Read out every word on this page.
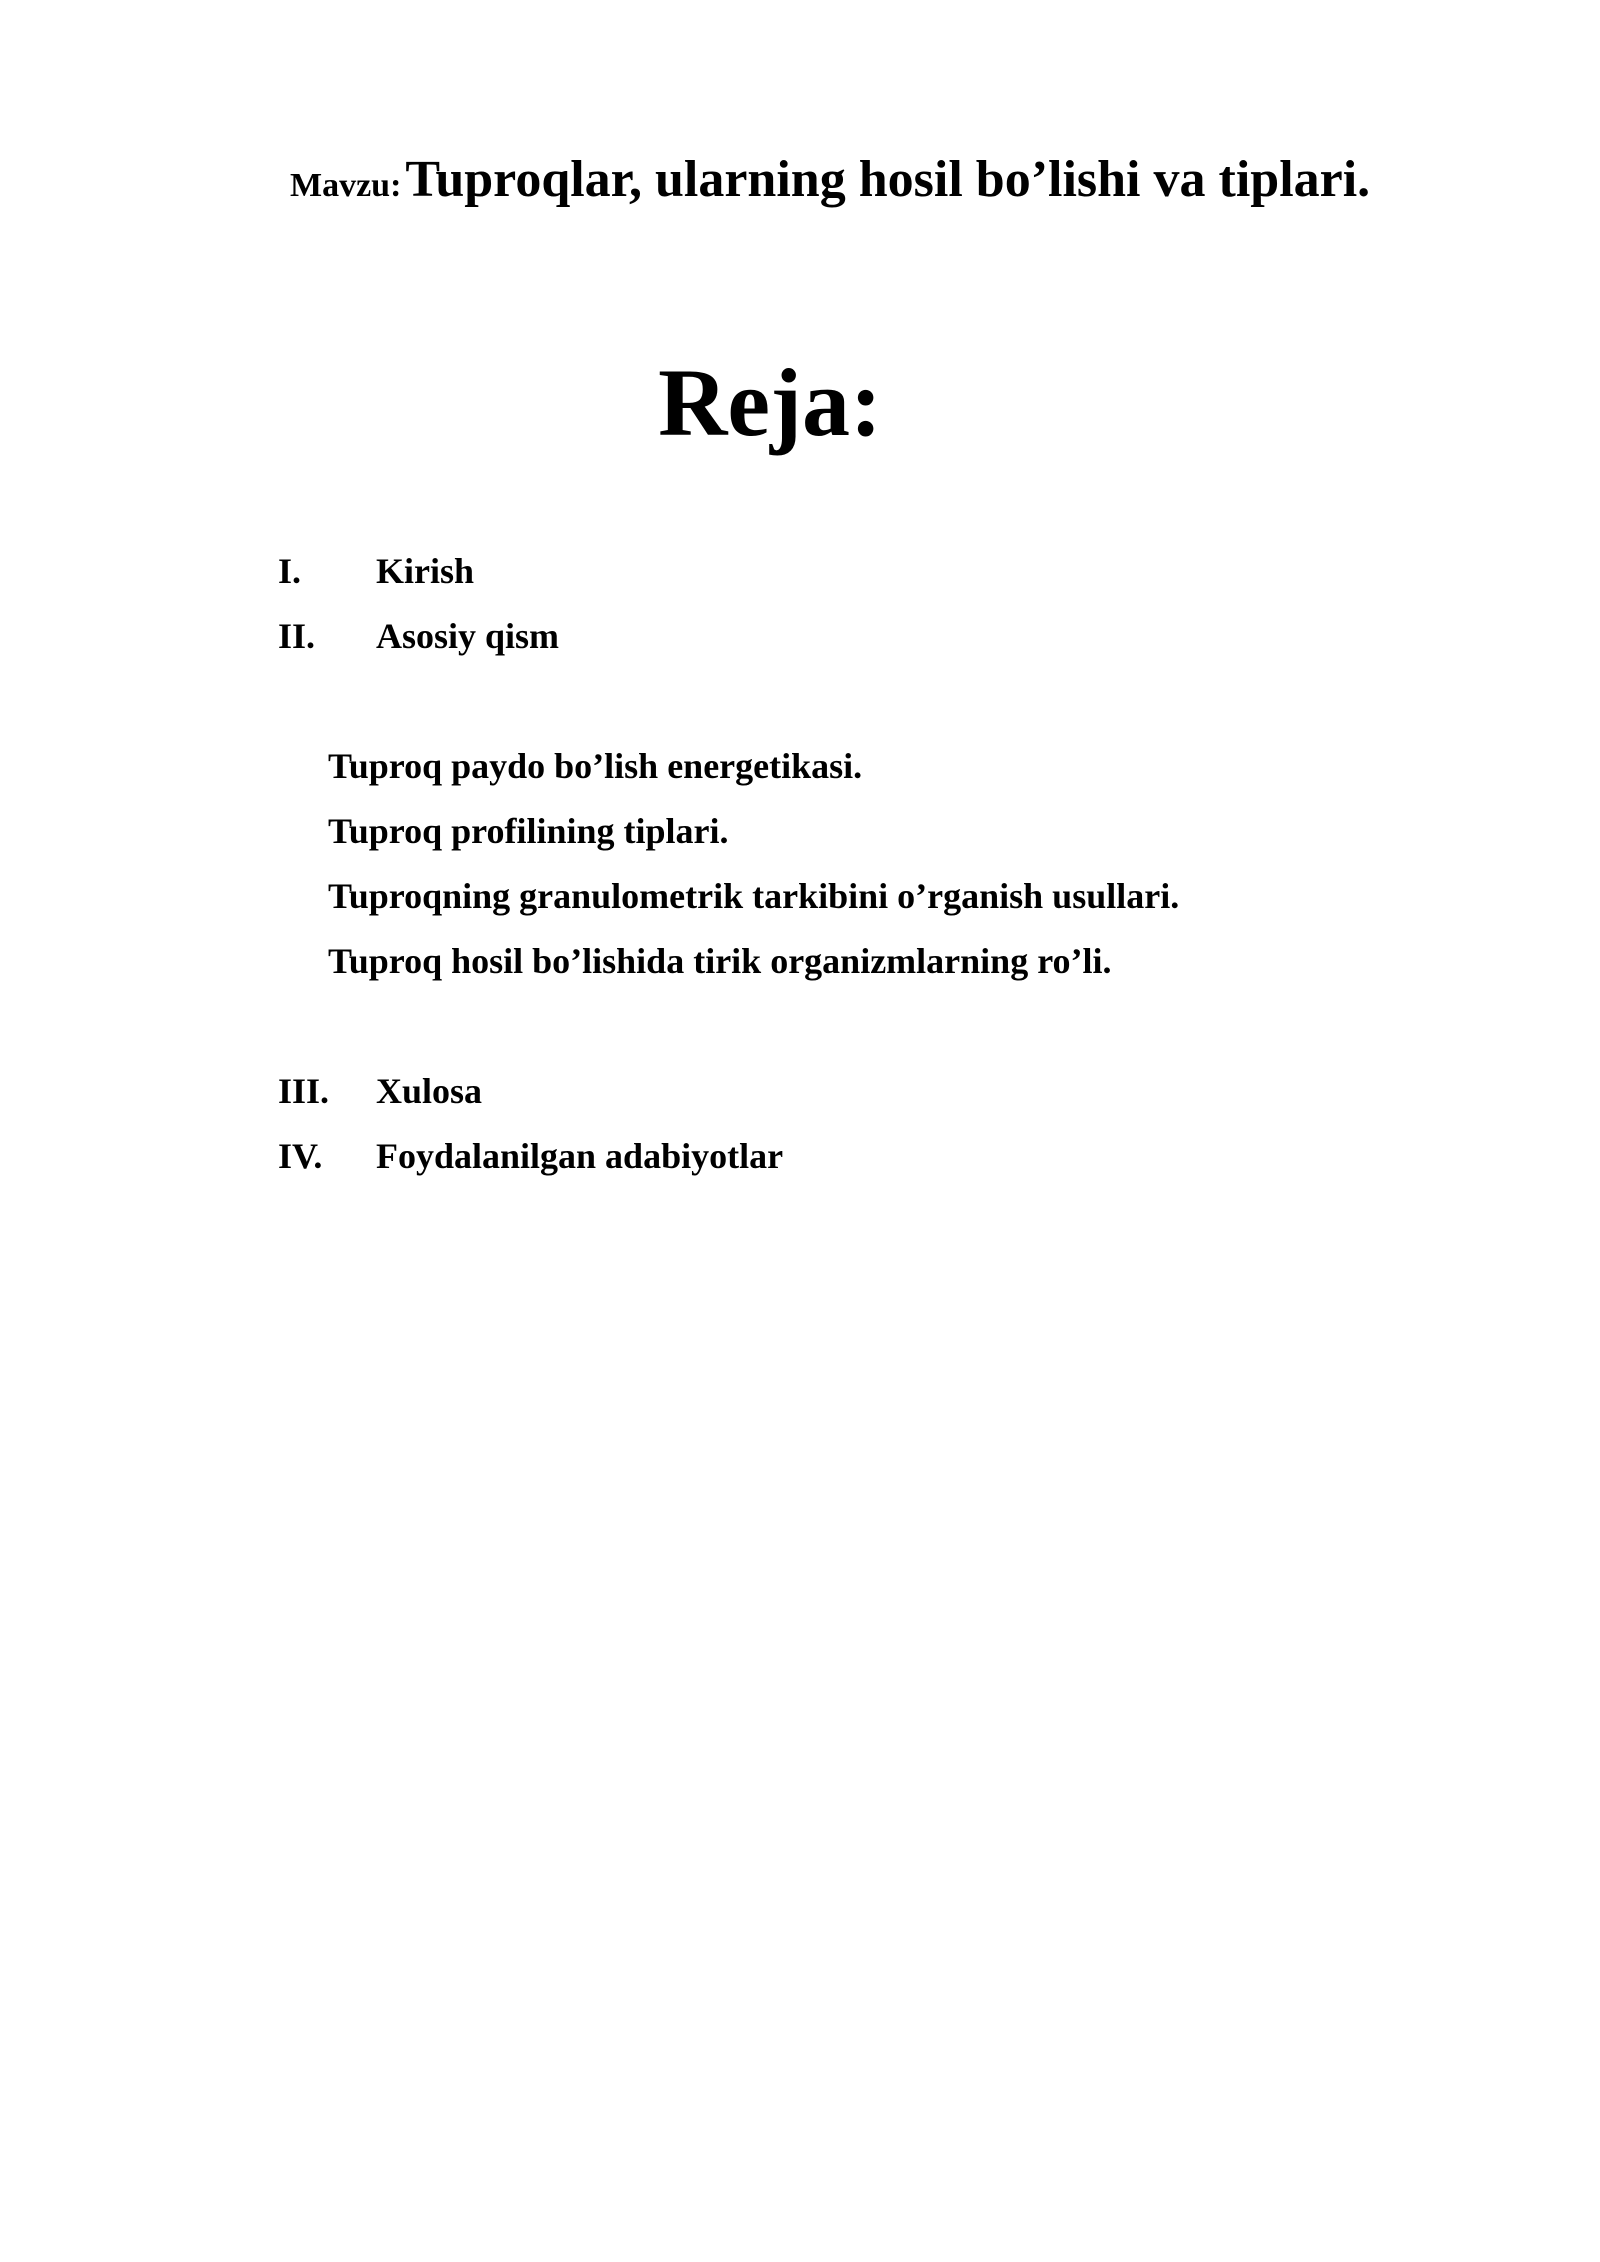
Mavzu: Tuproqlar, ularning hosil bo’lishi va tiplari.
Reja:
I. Kirish
II. Asosiy qism
Tuproq paydo bo’lish energetikasi.
Tuproq profilining tiplari.
Tuproqning granulometrik tarkibini o’rganish usullari.
Tuproq hosil bo’lishida tirik organizmlarning ro’li.
III. Xulosa
IV. Foydalanilgan adabiyotlar
